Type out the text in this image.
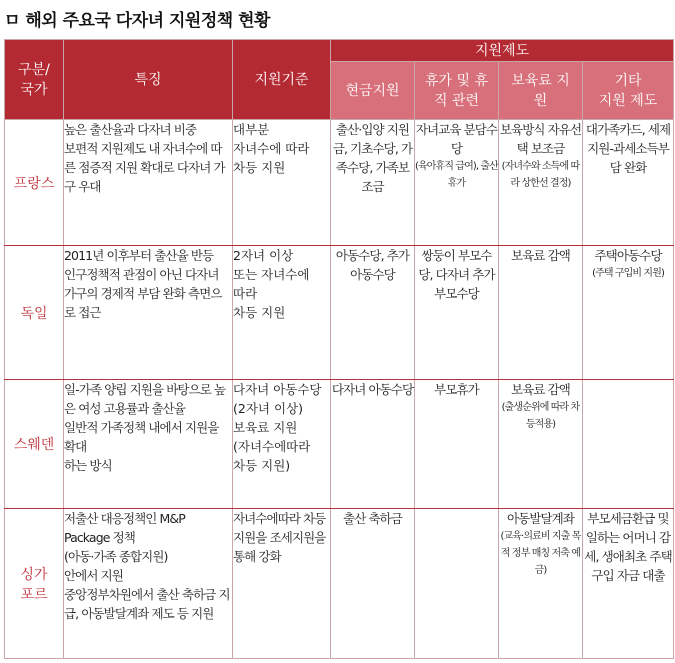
ㅁ 해외 주요국 다자녀 지원정책 현황
구분/
국가	특징	지원기준	지원제도			
			현금지원	휴가 및 휴
직 관련	보육료 지
원	기타
지원 제도
프랑스	높은 출산율과 다자녀 비중
보편적 지원제도 내 자녀수에 따른 점증적 지원 확대로 다자녀 가구 우대	대부분
자녀수에 따라
차등 지원	출산·입양 지원금, 기초수당, 가족수당, 가족보조금	자녀교육 분담수당
(육아휴직 급여), 출산휴가	보육방식 자유선택 보조금
(자녀수와 소득에 따라 상한선 결정)	대가족카드, 세제지원-과세소득부담 완화
독일	2011년 이후부터 출산율 반등
인구정책적 관점이 아닌 다자녀 가구의 경제적 부담 완화 측면으로 접근	2자녀 이상
또는 자녀수에
따라
차등 지원	아동수당, 추가
아동수당	쌍둥이 부모수당, 다자녀 추가 부모수당	보육료 감액	주택아동수당
(주택 구입비 지원)

스웨덴	일-가족 양립 지원을 바탕으로 높은 여성 고용률과 출산율
일반적 가족정책 내에서 지원을 확대
하는 방식	다자녀 아동수당
(2자녀 이상)
보육료 지원
(자녀수에따라
차등 지원)	다자녀 아동수당	부모휴가	보육료 감액
(출생순위에 따라 차등적용)	

싱가
포르	저출산 대응정책인 M&P Package 정책
(아동·가족 종합지원)
안에서 지원
중앙정부차원에서 출산 축하금 지급, 아동발달계좌 제도 등 지원	자녀수에따라 차등 지원을 조세지원을 통해 강화	출산 축하금		아동발달계좌
(교육·의료비 지출 목적 정부 매칭 저축 예금)	부모세금환급 및 일하는 어머니 감세, 생애최초 주택 구입 자금 대출
